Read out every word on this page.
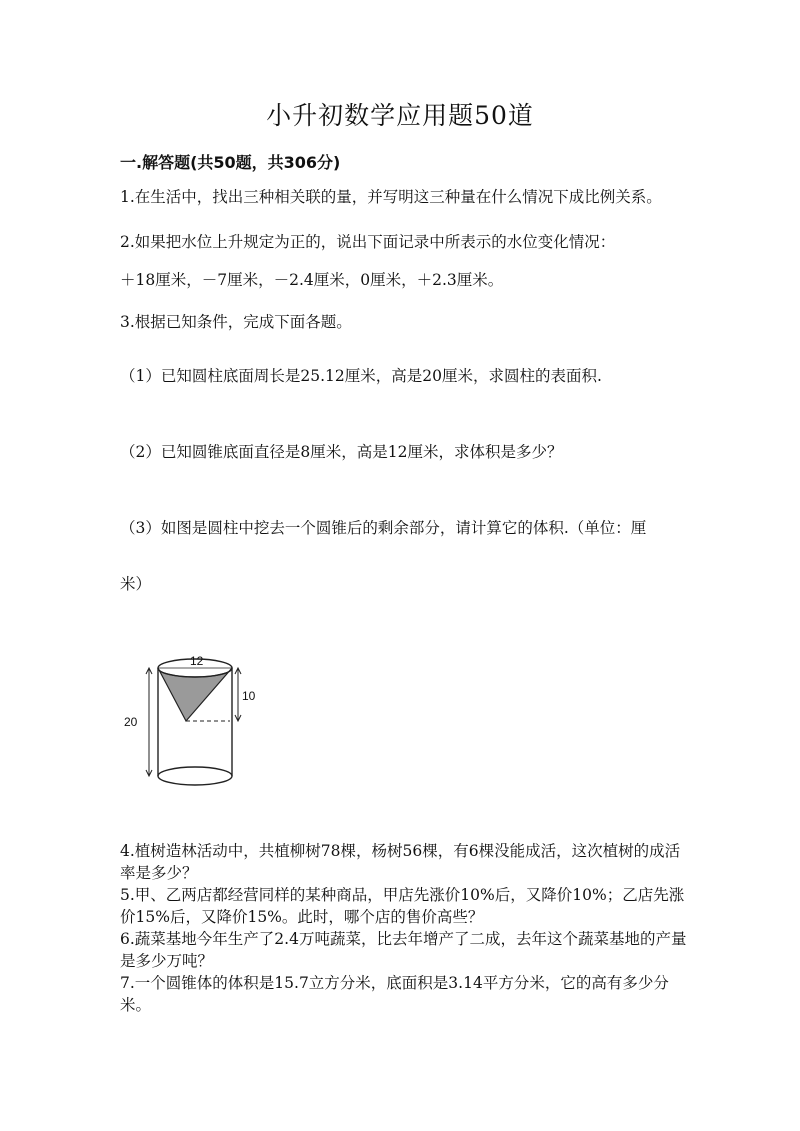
小升初数学应用题50道
一.解答题(共50题，共306分)
1.在生活中，找出三种相关联的量，并写明这三种量在什么情况下成比例关系。
2.如果把水位上升规定为正的，说出下面记录中所表示的水位变化情况：
＋18厘米，－7厘米，－2.4厘米，0厘米，＋2.3厘米。
3.根据已知条件，完成下面各题。
（1）已知圆柱底面周长是25.12厘米，高是20厘米，求圆柱的表面积.
（2）已知圆锥底面直径是8厘米，高是12厘米，求体积是多少？
（3）如图是圆柱中挖去一个圆锥后的剩余部分，请计算它的体积.（单位：厘
米）
12
10
20
4.植树造林活动中，共植柳树78棵，杨树56棵，有6棵没能成活，这次植树的成活率是多少？
5.甲、乙两店都经营同样的某种商品，甲店先涨价10%后，又降价10%；乙店先涨价15%后，又降价15%。此时，哪个店的售价高些？
6.蔬菜基地今年生产了2.4万吨蔬菜，比去年增产了二成，去年这个蔬菜基地的产量是多少万吨？
7.一个圆锥体的体积是15.7立方分米，底面积是3.14平方分米，它的高有多少分米。
